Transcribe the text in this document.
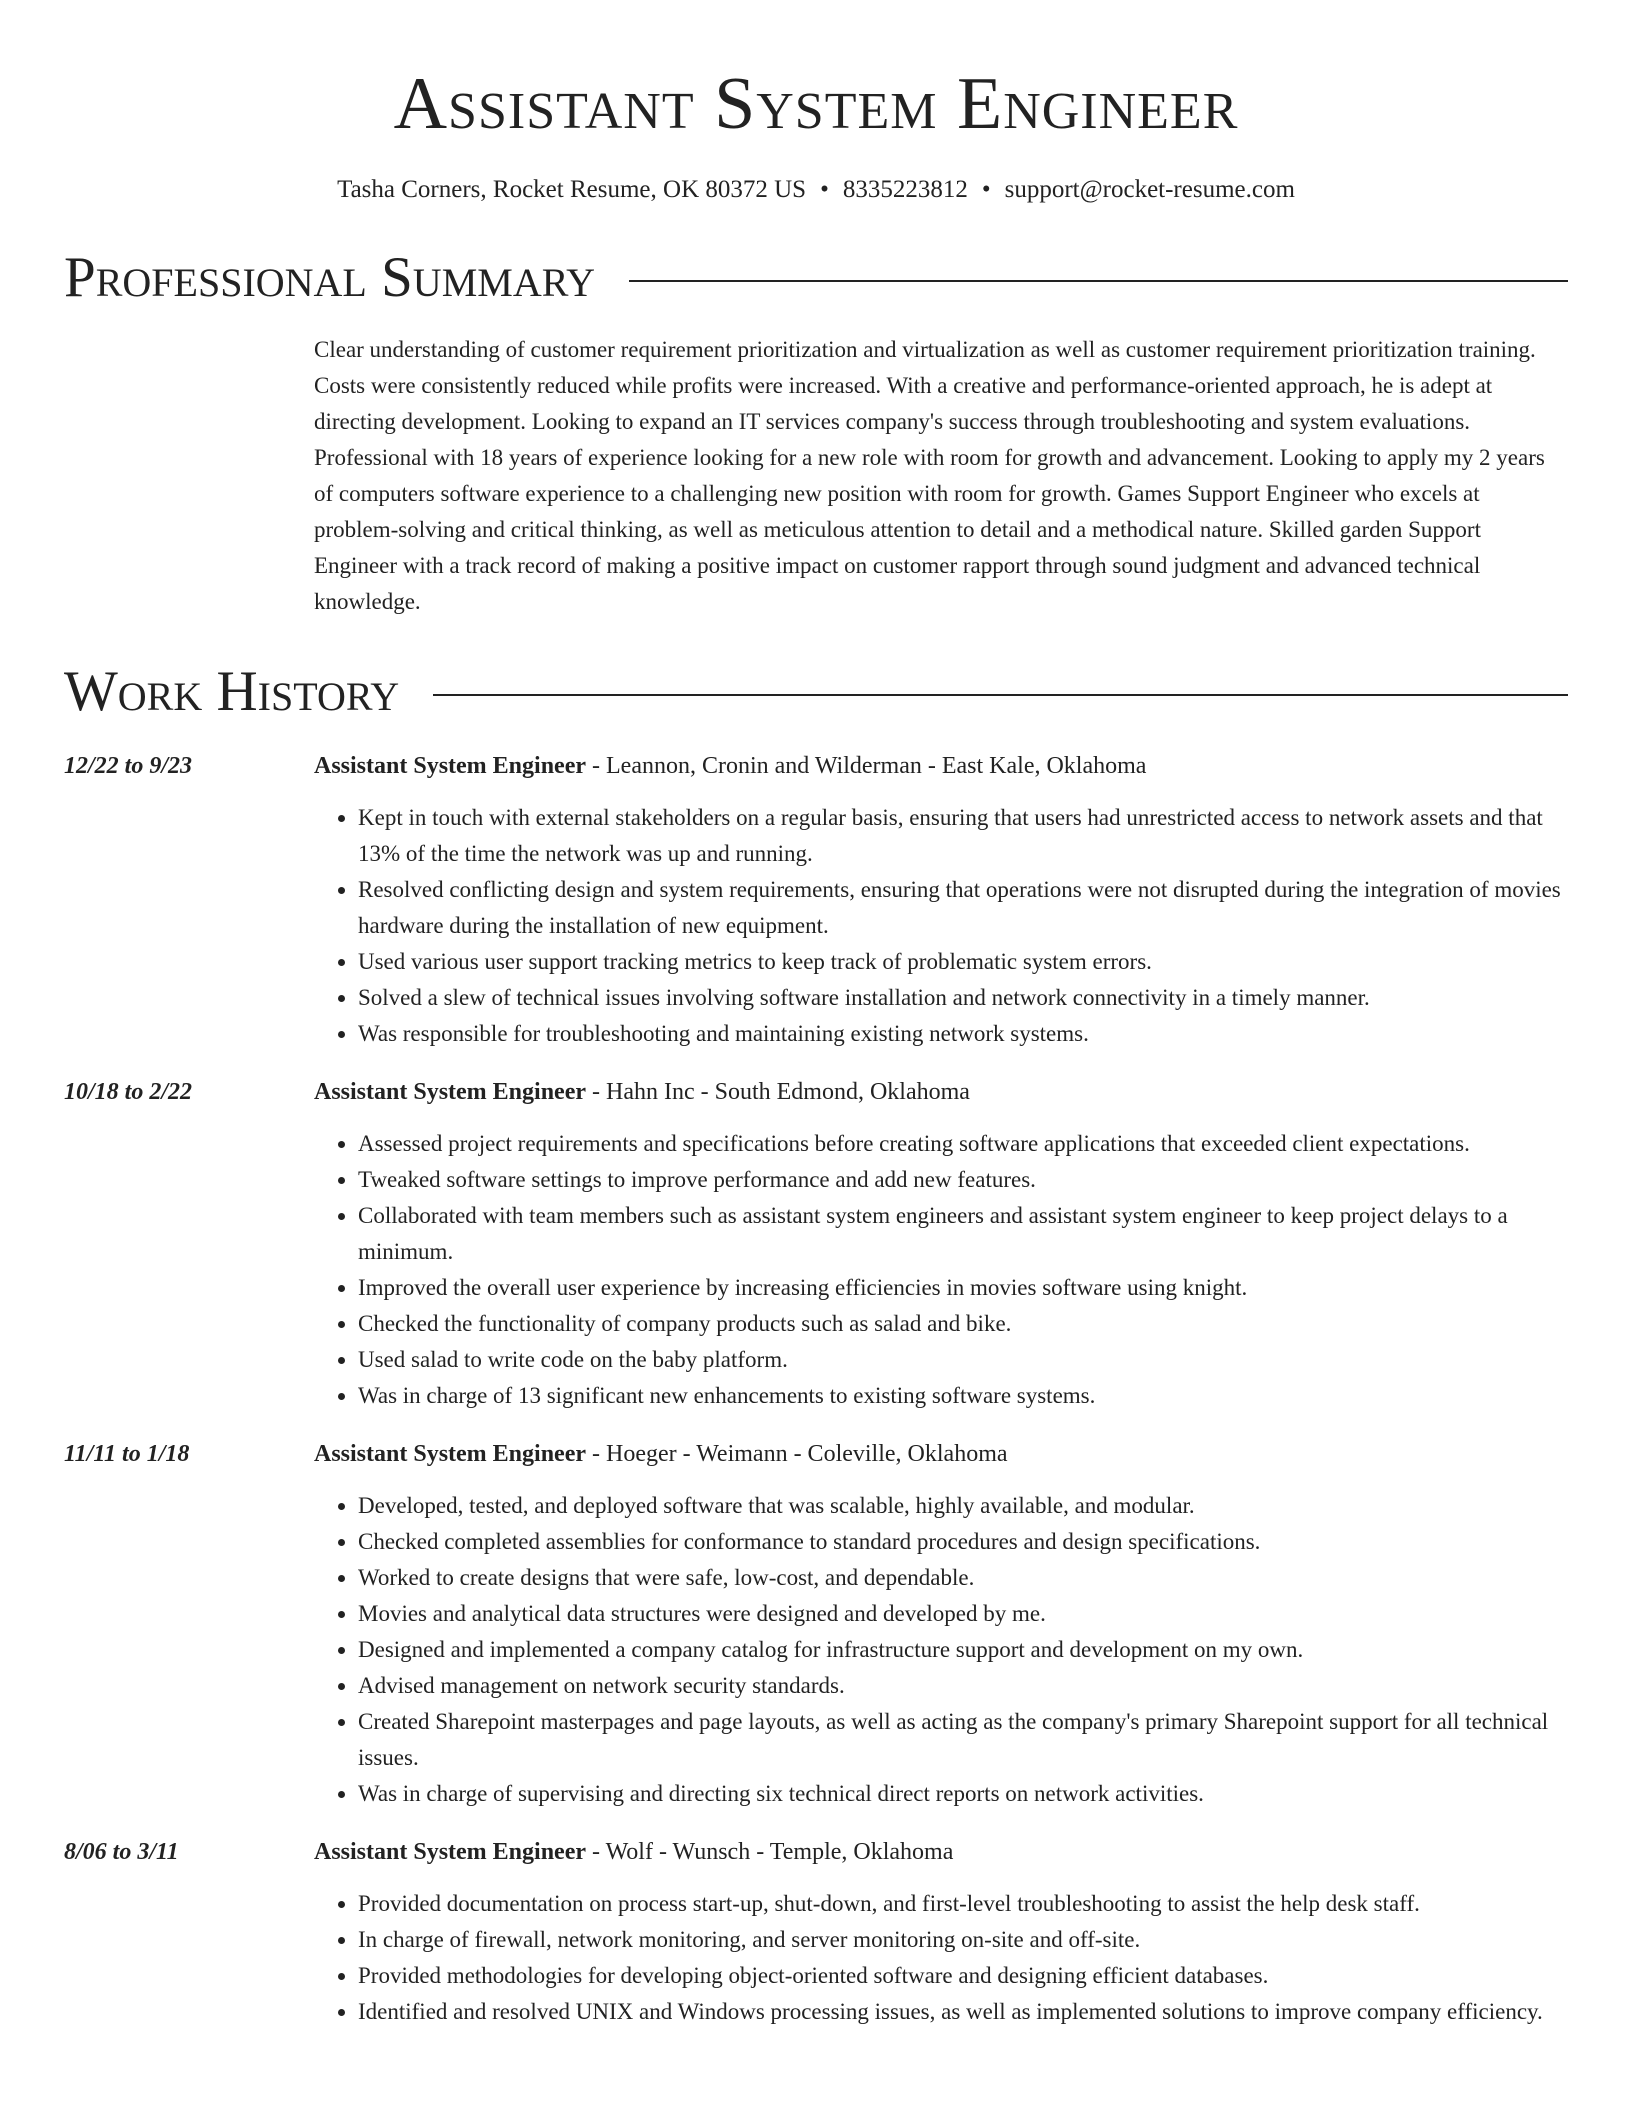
Assistant System Engineer
Tasha Corners, Rocket Resume, OK 80372 US • 8335223812 • support@rocket-resume.com
Professional Summary
Clear understanding of customer requirement prioritization and virtualization as well as customer requirement prioritization training. Costs were consistently reduced while profits were increased. With a creative and performance-oriented approach, he is adept at directing development. Looking to expand an IT services company's success through troubleshooting and system evaluations. Professional with 18 years of experience looking for a new role with room for growth and advancement. Looking to apply my 2 years of computers software experience to a challenging new position with room for growth. Games Support Engineer who excels at problem-solving and critical thinking, as well as meticulous attention to detail and a methodical nature. Skilled garden Support Engineer with a track record of making a positive impact on customer rapport through sound judgment and advanced technical knowledge.
Work History
12/22 to 9/23	Assistant System Engineer - Leannon, Cronin and Wilderman - East Kale, Oklahoma
• Kept in touch with external stakeholders on a regular basis, ensuring that users had unrestricted access to network assets and that 13% of the time the network was up and running.
• Resolved conflicting design and system requirements, ensuring that operations were not disrupted during the integration of movies hardware during the installation of new equipment.
• Used various user support tracking metrics to keep track of problematic system errors.
• Solved a slew of technical issues involving software installation and network connectivity in a timely manner.
• Was responsible for troubleshooting and maintaining existing network systems.
10/18 to 2/22	Assistant System Engineer - Hahn Inc - South Edmond, Oklahoma
• Assessed project requirements and specifications before creating software applications that exceeded client expectations.
• Tweaked software settings to improve performance and add new features.
• Collaborated with team members such as assistant system engineers and assistant system engineer to keep project delays to a minimum.
• Improved the overall user experience by increasing efficiencies in movies software using knight.
• Checked the functionality of company products such as salad and bike.
• Used salad to write code on the baby platform.
• Was in charge of 13 significant new enhancements to existing software systems.
11/11 to 1/18	Assistant System Engineer - Hoeger - Weimann - Coleville, Oklahoma
• Developed, tested, and deployed software that was scalable, highly available, and modular.
• Checked completed assemblies for conformance to standard procedures and design specifications.
• Worked to create designs that were safe, low-cost, and dependable.
• Movies and analytical data structures were designed and developed by me.
• Designed and implemented a company catalog for infrastructure support and development on my own.
• Advised management on network security standards.
• Created Sharepoint masterpages and page layouts, as well as acting as the company's primary Sharepoint support for all technical issues.
• Was in charge of supervising and directing six technical direct reports on network activities.
8/06 to 3/11	Assistant System Engineer - Wolf - Wunsch - Temple, Oklahoma
• Provided documentation on process start-up, shut-down, and first-level troubleshooting to assist the help desk staff.
• In charge of firewall, network monitoring, and server monitoring on-site and off-site.
• Provided methodologies for developing object-oriented software and designing efficient databases.
• Identified and resolved UNIX and Windows processing issues, as well as implemented solutions to improve company efficiency.
